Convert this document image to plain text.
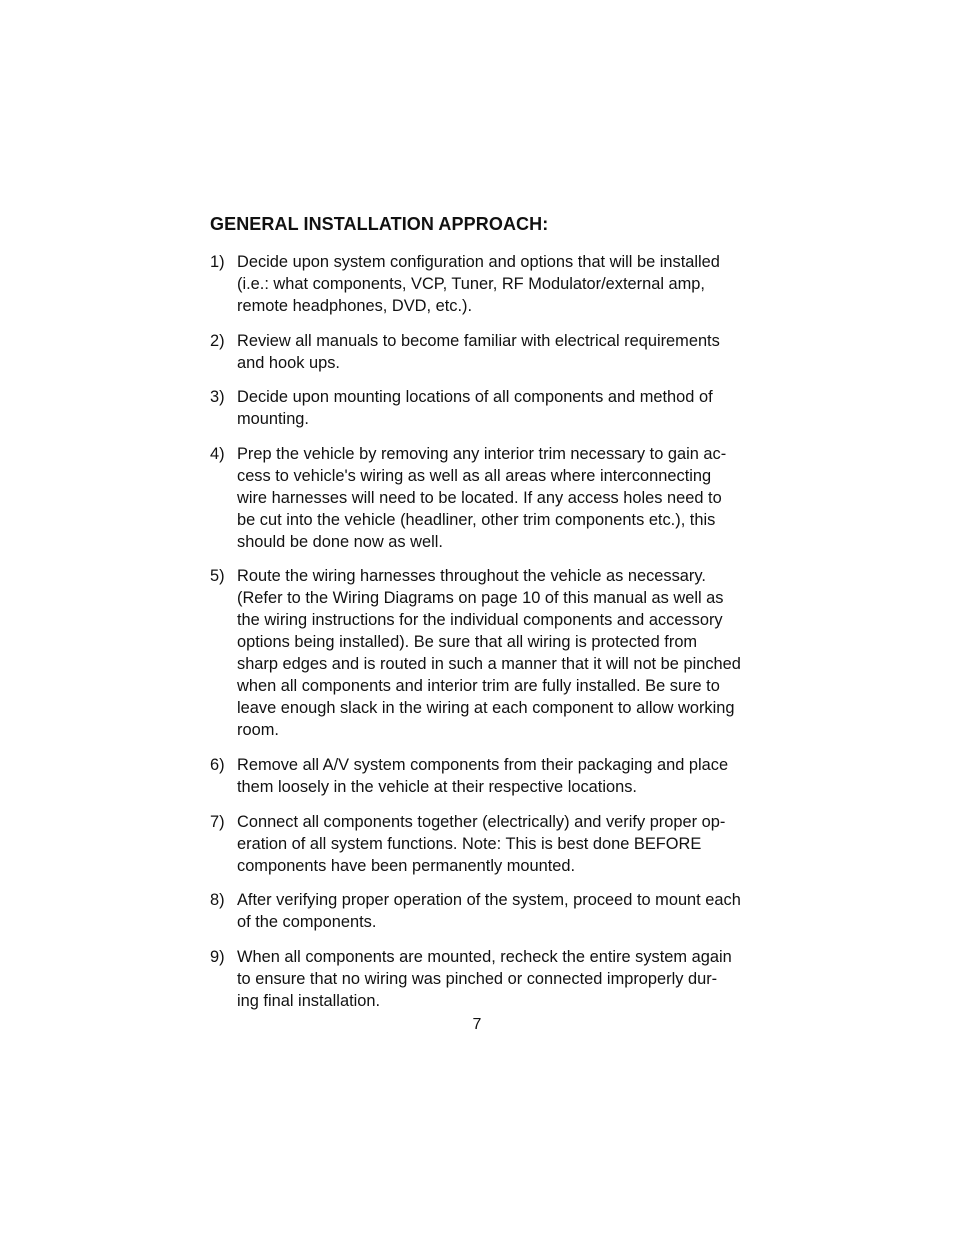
GENERAL INSTALLATION APPROACH:
1) Decide upon system configuration and options that will be installed
(i.e.: what components, VCP, Tuner, RF Modulator/external amp,
remote headphones, DVD, etc.).
2) Review all manuals to become familiar with electrical requirements
and hook ups.
3) Decide upon mounting locations of all components and method of
mounting.
4) Prep the vehicle by removing any interior trim necessary to gain ac-
cess to vehicle's wiring as well as all areas where interconnecting
wire harnesses will need to be located. If any access holes need to
be cut into the vehicle (headliner, other trim components etc.), this
should be done now as well.
5) Route the wiring harnesses throughout the vehicle as necessary.
(Refer to the Wiring Diagrams on page 10 of this manual as well as
the wiring instructions for the individual components and accessory
options being installed). Be sure that all wiring is protected from
sharp edges and is routed in such a manner that it will not be pinched
when all components and interior trim are fully installed. Be sure to
leave enough slack in the wiring at each component to allow working
room.
6) Remove all A/V system components from their packaging and place
them loosely in the vehicle at their respective locations.
7) Connect all components together (electrically) and verify proper op-
eration of all system functions. Note: This is best done BEFORE
components have been permanently mounted.
8) After verifying proper operation of the system, proceed to mount each
of the components.
9) When all components are mounted, recheck the entire system again
to ensure that no wiring was pinched or connected improperly dur-
ing final installation.
7
